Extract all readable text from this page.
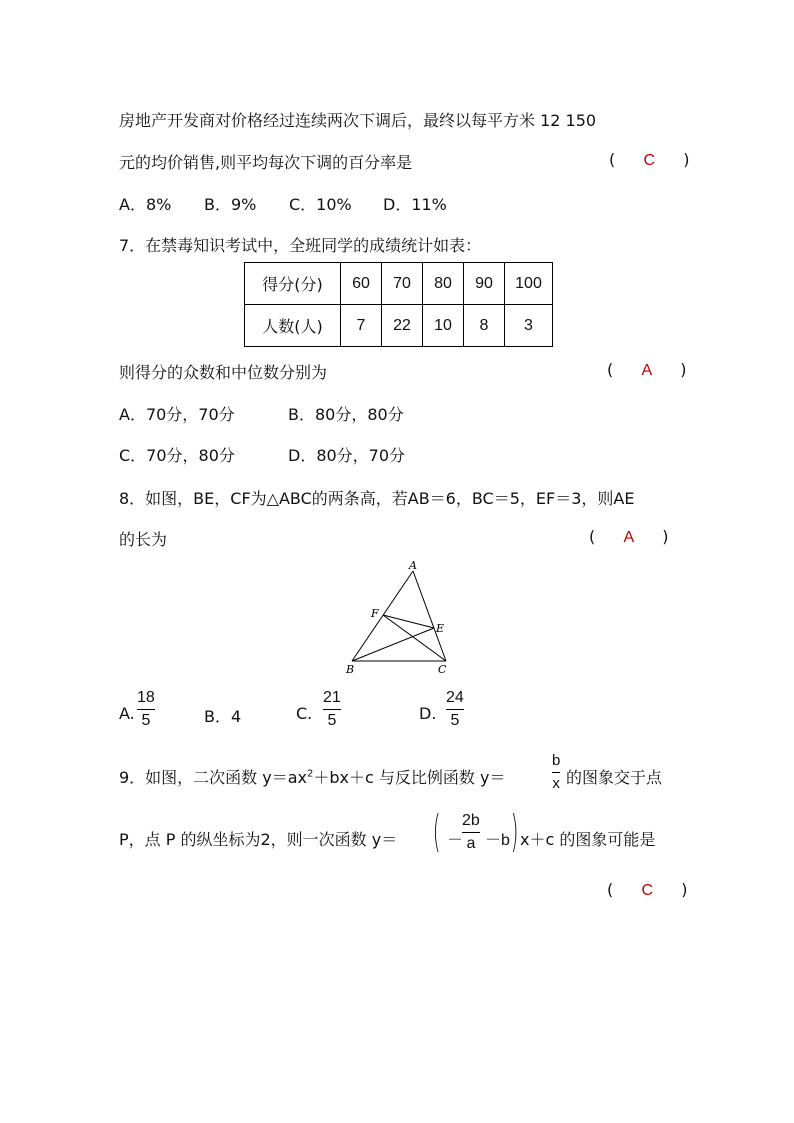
房地产开发商对价格经过连续两次下调后，最终以每平方米 12 150
元的均价销售,则平均每次下调的百分率是	( C )
A．8% B．9% C．10% D．11%
7．在禁毒知识考试中，全班同学的成绩统计如表：
得分(分)	60	70	80	90	100
人数(人)	7	22	10	8	3
则得分的众数和中位数分别为	( A )
A．70分，70分	B．80分，80分
C．70分，80分	D．80分，70分
8．如图，BE，CF为△ABC的两条高，若AB＝6，BC＝5，EF＝3，则AE
的长为	( A )
A
F
E
B	C
A.
18
5	B．4	C.
21
5	D.
24
5
9．如图，二次函数 $y=ax^2+bx+c$ 与反比例函数 y＝
b
x 的图象交于点
P，点 P 的纵坐标为2，则一次函数 y＝ ( －
2b
a －b ) x＋c 的图象可能是
( C )
